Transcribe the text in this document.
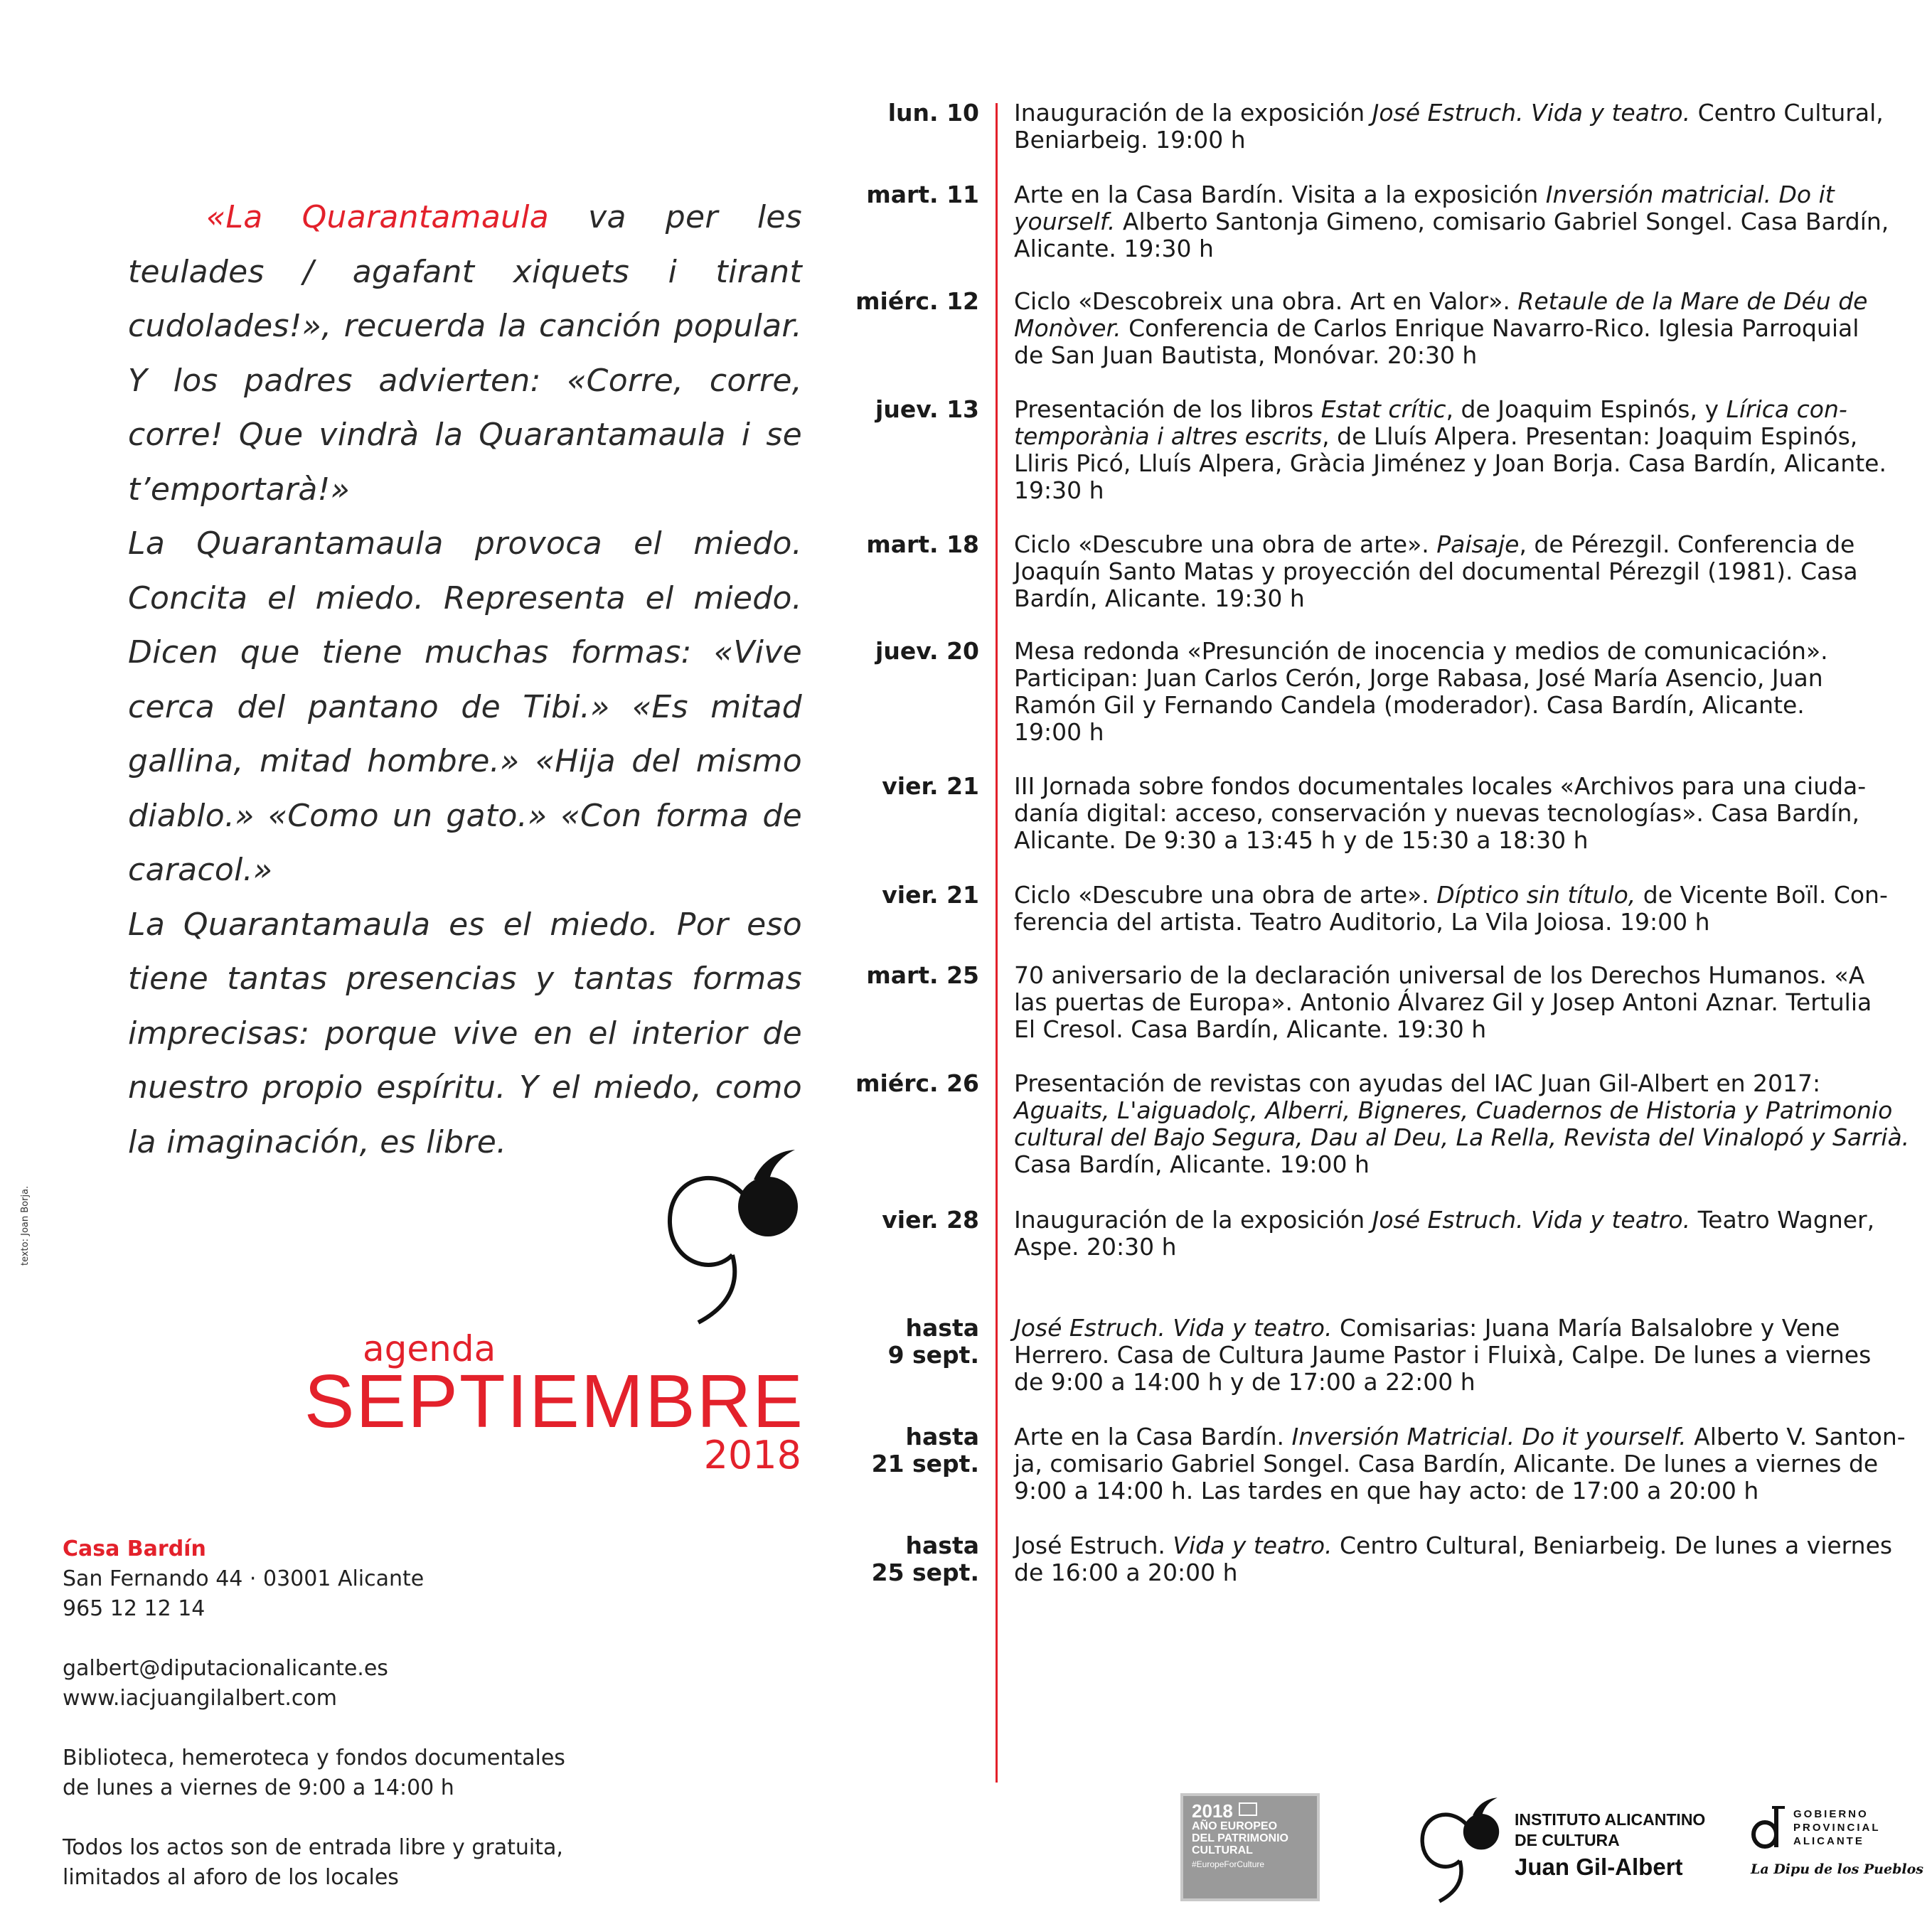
«La Quarantamaula va per les teulades / agafant xiquets i tirant cudolades!», recuerda la canción popular. Y los padres advierten: «Corre, corre, corre! Que vindrà la Quarantamaula i se t’emportarà!»

La Quarantamaula provoca el miedo. Concita el miedo. Representa el miedo. Dicen que tiene muchas formas: «Vive cerca del pantano de Tibi.» «Es mitad gallina, mitad hombre.» «Hija del mismo diablo.» «Como un gato.» «Con forma de caracol.»

La Quarantamaula es el miedo. Por eso tiene tantas presencias y tantas formas imprecisas: porque vive en el interior de nuestro propio espíritu. Y el miedo, como la imaginación, es libre.

texto: Joan Borja.
agenda
SEPTIEMBRE
2018
Casa Bardín
San Fernando 44 · 03001 Alicante
965 12 12 14
galbert@diputacionalicante.es
www.iacjuangilalbert.com
Biblioteca, hemeroteca y fondos documentales
de lunes a viernes de 9:00 a 14:00 h
Todos los actos son de entrada libre y gratuita,
limitados al aforo de los locales
lun. 10 Inauguración de la exposición José Estruch. Vida y teatro. Centro Cultural,
Beniarbeig. 19:00 h
mart. 11 Arte en la Casa Bardín. Visita a la exposición Inversión matricial. Do it
yourself. Alberto Santonja Gimeno, comisario Gabriel Songel. Casa Bardín,
Alicante. 19:30 h
miérc. 12 Ciclo «Descobreix una obra. Art en Valor». Retaule de la Mare de Déu de
Monòver. Conferencia de Carlos Enrique Navarro-Rico. Iglesia Parroquial
de San Juan Bautista, Monóvar. 20:30 h
juev. 13 Presentación de los libros Estat crític, de Joaquim Espinós, y Lírica con-
temporània i altres escrits, de Lluís Alpera. Presentan: Joaquim Espinós,
Lliris Picó, Lluís Alpera, Gràcia Jiménez y Joan Borja. Casa Bardín, Alicante.
19:30 h
mart. 18 Ciclo «Descubre una obra de arte». Paisaje, de Pérezgil. Conferencia de
Joaquín Santo Matas y proyección del documental Pérezgil (1981). Casa
Bardín, Alicante. 19:30 h
juev. 20 Mesa redonda «Presunción de inocencia y medios de comunicación».
Participan: Juan Carlos Cerón, Jorge Rabasa, José María Asencio, Juan
Ramón Gil y Fernando Candela (moderador). Casa Bardín, Alicante.
19:00 h
vier. 21 III Jornada sobre fondos documentales locales «Archivos para una ciuda-
danía digital: acceso, conservación y nuevas tecnologías». Casa Bardín,
Alicante. De 9:30 a 13:45 h y de 15:30 a 18:30 h
vier. 21 Ciclo «Descubre una obra de arte». Díptico sin título, de Vicente Boïl. Con-
ferencia del artista. Teatro Auditorio, La Vila Joiosa. 19:00 h
mart. 25 70 aniversario de la declaración universal de los Derechos Humanos. «A
las puertas de Europa». Antonio Álvarez Gil y Josep Antoni Aznar. Tertulia
El Cresol. Casa Bardín, Alicante. 19:30 h
miérc. 26 Presentación de revistas con ayudas del IAC Juan Gil-Albert en 2017:
Aguaits, L'aiguadolç, Alberri, Bigneres, Cuadernos de Historia y Patrimonio
cultural del Bajo Segura, Dau al Deu, La Rella, Revista del Vinalopó y Sarrià.
Casa Bardín, Alicante. 19:00 h
vier. 28 Inauguración de la exposición José Estruch. Vida y teatro. Teatro Wagner,
Aspe. 20:30 h
hasta
9 sept.
José Estruch. Vida y teatro. Comisarias: Juana María Balsalobre y Vene
Herrero. Casa de Cultura Jaume Pastor i Fluixà, Calpe. De lunes a viernes
de 9:00 a 14:00 h y de 17:00 a 22:00 h
hasta
21 sept.
Arte en la Casa Bardín. Inversión Matricial. Do it yourself. Alberto V. Santon-
ja, comisario Gabriel Songel. Casa Bardín, Alicante. De lunes a viernes de
9:00 a 14:00 h. Las tardes en que hay acto: de 17:00 a 20:00 h
hasta
25 sept.
José Estruch. Vida y teatro. Centro Cultural, Beniarbeig. De lunes a viernes
de 16:00 a 20:00 h
2018
AÑO EUROPEO
DEL PATRIMONIO
CULTURAL
#EuropeForCulture
INSTITUTO ALICANTINO
DE CULTURA
Juan Gil-Albert
GOBIERNO
PROVINCIAL
ALICANTE
La Dipu de los Pueblos
